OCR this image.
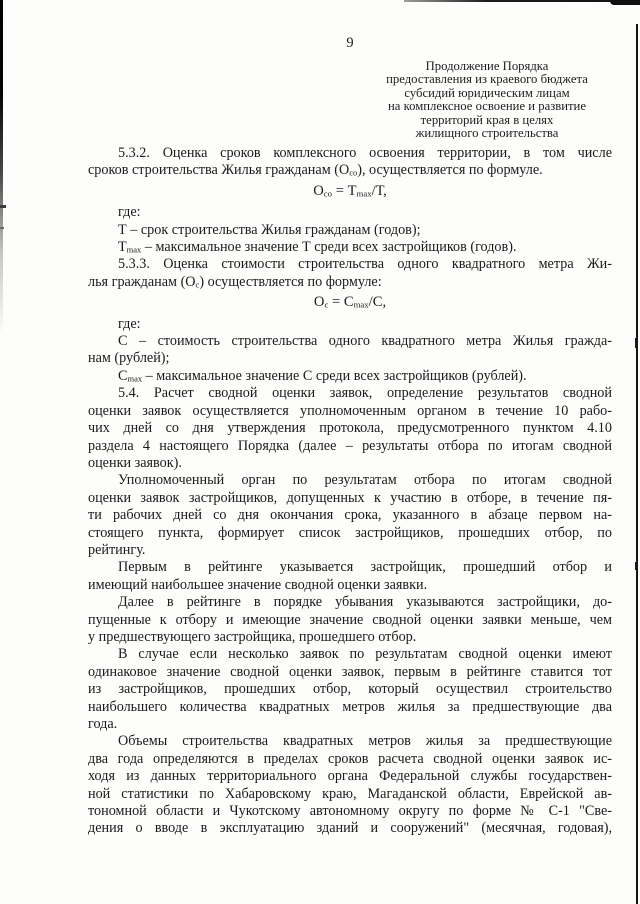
9
Продолжение Порядка
предоставления из краевого бюджета
субсидий юридическим лицам
на комплексное освоение и развитие
территорий края в целях
жилищного строительства
5.3.2. Оценка сроков комплексного освоения территории, в том числе
сроков строительства Жилья гражданам $(О_{со})$, осуществляется по формуле.
$О_{со} = Т_{max}/Т$,
где:
Т – срок строительства Жилья гражданам (годов);
$Т_{max}$ – максимальное значение Т среди всех застройщиков (годов).
5.3.3. Оценка стоимости строительства одного квадратного метра Жи-
лья гражданам $(О_с)$ осуществляется по формуле:
$О_с = С_{max}/С$,
где:
С – стоимость строительства одного квадратного метра Жилья гражда-
нам (рублей);
$С_{max}$ – максимальное значение С среди всех застройщиков (рублей).
5.4. Расчет сводной оценки заявок, определение результатов сводной
оценки заявок осуществляется уполномоченным органом в течение 10 рабо-
чих дней со дня утверждения протокола, предусмотренного пунктом 4.10
раздела 4 настоящего Порядка (далее – результаты отбора по итогам сводной
оценки заявок).
Уполномоченный орган по результатам отбора по итогам сводной
оценки заявок застройщиков, допущенных к участию в отборе, в течение пя-
ти рабочих дней со дня окончания срока, указанного в абзаце первом на-
стоящего пункта, формирует список застройщиков, прошедших отбор, по
рейтингу.
Первым в рейтинге указывается застройщик, прошедший отбор и
имеющий наибольшее значение сводной оценки заявки.
Далее в рейтинге в порядке убывания указываются застройщики, до-
пущенные к отбору и имеющие значение сводной оценки заявки меньше, чем
у предшествующего застройщика, прошедшего отбор.
В случае если несколько заявок по результатам сводной оценки имеют
одинаковое значение сводной оценки заявок, первым в рейтинге ставится тот
из застройщиков, прошедших отбор, который осуществил строительство
наибольшего количества квадратных метров жилья за предшествующие два
года.
Объемы строительства квадратных метров жилья за предшествующие
два года определяются в пределах сроков расчета сводной оценки заявок ис-
ходя из данных территориального органа Федеральной службы государствен-
ной статистики по Хабаровскому краю, Магаданской области, Еврейской ав-
тономной области и Чукотскому автономному округу по форме № С-1 "Све-
дения о вводе в эксплуатацию зданий и сооружений" (месячная, годовая),
